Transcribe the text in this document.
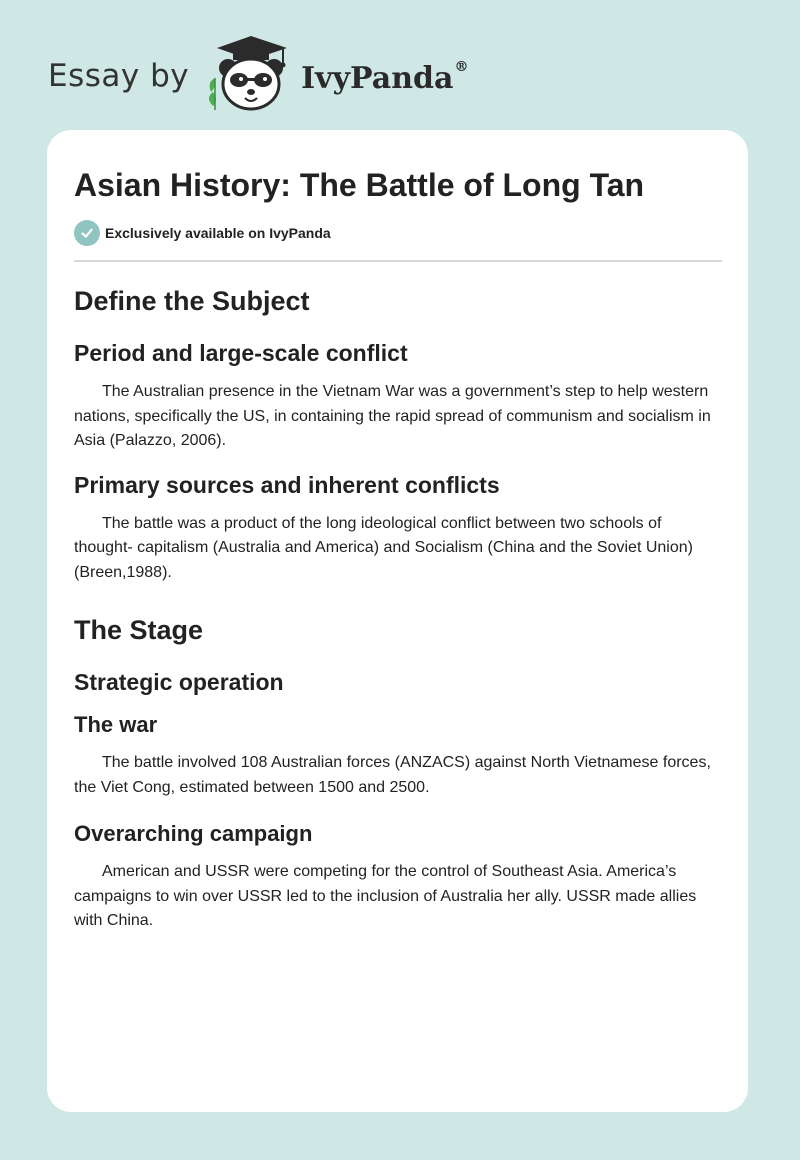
Essay by	IvyPanda®
Asian History: The Battle of Long Tan
Exclusively available on IvyPanda
Define the Subject
Period and large-scale conflict

The Australian presence in the Vietnam War was a government’s step to help western nations, specifically the US, in containing the rapid spread of communism and socialism in Asia (Palazzo, 2006).

Primary sources and inherent conflicts

The battle was a product of the long ideological conflict between two schools of thought- capitalism (Australia and America) and Socialism (China and the Soviet Union) (Breen,1988).

The Stage
Strategic operation
The war

The battle involved 108 Australian forces (ANZACS) against North Vietnamese forces, the Viet Cong, estimated between 1500 and 2500.

Overarching campaign

American and USSR were competing for the control of Southeast Asia. America’s campaigns to win over USSR led to the inclusion of Australia her ally. USSR made allies with China.
